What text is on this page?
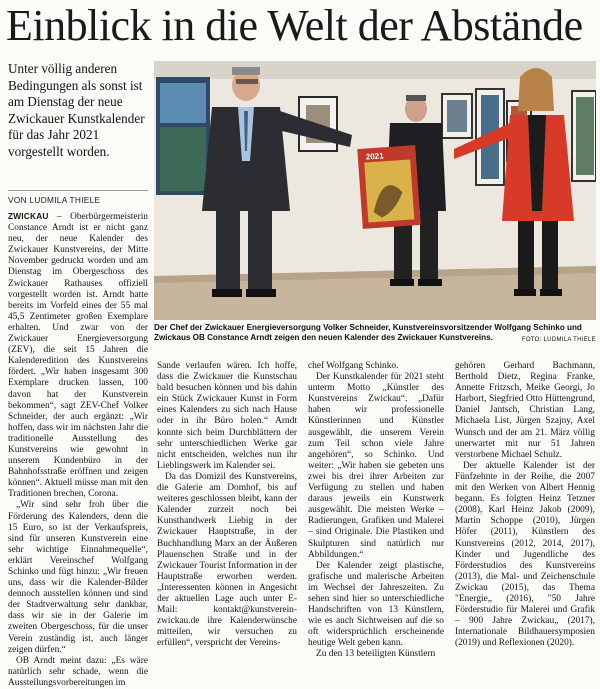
Einblick in die Welt der Abstände
Unter völlig anderen Bedingungen als sonst ist am Dienstag der neue Zwickauer Kunstkalender für das Jahr 2021 vorgestellt worden.
VON LUDMILA THIELE
2021
Der Chef der Zwickauer Energieversorgung Volker Schneider, Kunstvereinsvorsitzender Wolfgang Schinko und Zwickaus OB Constance Arndt zeigen den neuen Kalender des Zwickauer Kunstvereins.	FOTO: LUDMILA THIELE

ZWICKAU – Oberbürgermeisterin Constance Arndt ist er nicht ganz neu, der neue Kalender des Zwickauer Kunstvereins, der Mitte November gedruckt worden und am Dienstag im Obergeschoss des Zwickauer Rathauses offiziell vorgestellt worden ist. Arndt hatte bereits im Vorfeld eines der 55 mal 45,5 Zentimeter großen Exemplare erhalten. Und zwar von der Zwickauer Energieversorgung (ZEV), die seit 15 Jahren die Kalenderedition des Kunstvereins fördert. „Wir haben insgesamt 300 Exemplare drucken lassen, 100 davon hat der Kunstverein bekommen“, sagt ZEV-Chef Volker Schneider, der auch ergänzt: „Wir hoffen, dass wir im nächsten Jahr die traditionelle Ausstellung des Kunstvereins wie gewohnt in unserem Kundenbüro in der Bahnhofsstraße eröffnen und zeigen können“. Aktuell müsse man mit den Traditionen brechen, Corona.

„Wir sind sehr froh über die Förderung des Kalenders, denn die 15 Euro, so ist der Verkaufspreis, sind für unseren Kunstverein eine sehr wichtige Einnahmequelle“, erklärt Vereinschef Wolfgang Schinko und fügt hinzu: „Wir freuen uns, dass wir die Kalender-Bilder dennoch ausstellen können und sind der Stadtverwaltung sehr dankbar, dass wir sie in der Galerie im zweiten Obergeschoss, für die unser Verein zuständig ist, auch länger zeigen dürfen.“

OB Arndt meint dazu: „Es wäre natürlich sehr schade, wenn die Ausstellungsvorbereitungen im

Sande verlaufen wären. Ich hoffe, dass die Zwickauer die Kunstschau bald besuchen können und bis dahin ein Stück Zwickauer Kunst in Form eines Kalenders zu sich nach Hause oder in ihr Büro holen.“ Arndt konnte sich beim Durchblättern der sehr unterschiedlichen Werke gar nicht entscheiden, welches nun ihr Lieblingswerk im Kalender sei.

Da das Domizil des Kunstvereins, die Galerie am Domhof, bis auf weiteres geschlossen bleibt, kann der Kalender zurzeit noch bei Kunsthandwerk Liebig in der Zwickauer Hauptstraße, in der Buchhandlung Marx an der Äußeren Plauenschen Straße und in der Zwickauer Tourist Information in der Hauptstraße erworben werden. „Interessenten können in Angesicht der aktuellen Lage auch unter E-Mail: kontakt@kunstverein-zwickau.de ihre Kalenderwünsche mitteilen, wir versuchen zu erfüllen“, verspricht der Vereins-

chef Wolfgang Schinko.

Der Kunstkalender für 2021 steht unterm Motto „Künstler des Kunstvereins Zwickau“. „Dafür haben wir professionelle Künstlerinnen und Künstler ausgewählt, die unserem Verein zum Teil schon viele Jahre angehören“, so Schinko. Und weiter: „Wir haben sie gebeten uns zwei bis drei ihrer Arbeiten zur Verfügung zu stellen und haben daraus jeweils ein Kunstwerk ausgewählt. Die meisten Werke – Radierungen, Grafiken und Malerei – sind Originale. Die Plastiken und Skulpturen sind natürlich nur Abbildungen.“

Der Kalender zeigt plastische, grafische und malerische Arbeiten im Wechsel der Jahreszeiten. Zu sehen sind hier so unterschiedliche Handschriften von 13 Künstlern, wie es auch Sichtweisen auf die so oft widersprüchlich erscheinende heutige Welt geben kann.

Zu den 13 beteiligten Künstlern

gehören Gerhard Bachmann, Berthold Dietz, Regina Franke, Annette Fritzsch, Meike Georgi, Jo Harbort, Siegfried Otto Hüttengrund, Daniel Jantsch, Christian Lang, Michaela List, Jürgen Szajny, Axel Wunsch und der am 21. März völlig unerwartet mit nur 51 Jahren verstorbene Michael Schulz.

Der aktuelle Kalender ist der Fünfzehnte in der Reihe, die 2007 mit den Werken von Albert Hennig begann. Es folgten Heinz Tetzner (2008), Karl Heinz Jakob (2009), Martin Schoppe (2010), Jürgen Höfer (2011), Künstlern des Kunstvereins (2012, 2014, 2017), Kinder und Jugendliche des Förderstudios des Kunstvereins (2013), die Mal- und Zeichenschule Zwickau (2015), das Thema "Energie„ (2016), "50 Jahre Förderstudio für Malerei und Grafik – 900 Jahre Zwickau„ (2017), Internationale Bildhauersymposien (2019) und Reflexionen (2020).
